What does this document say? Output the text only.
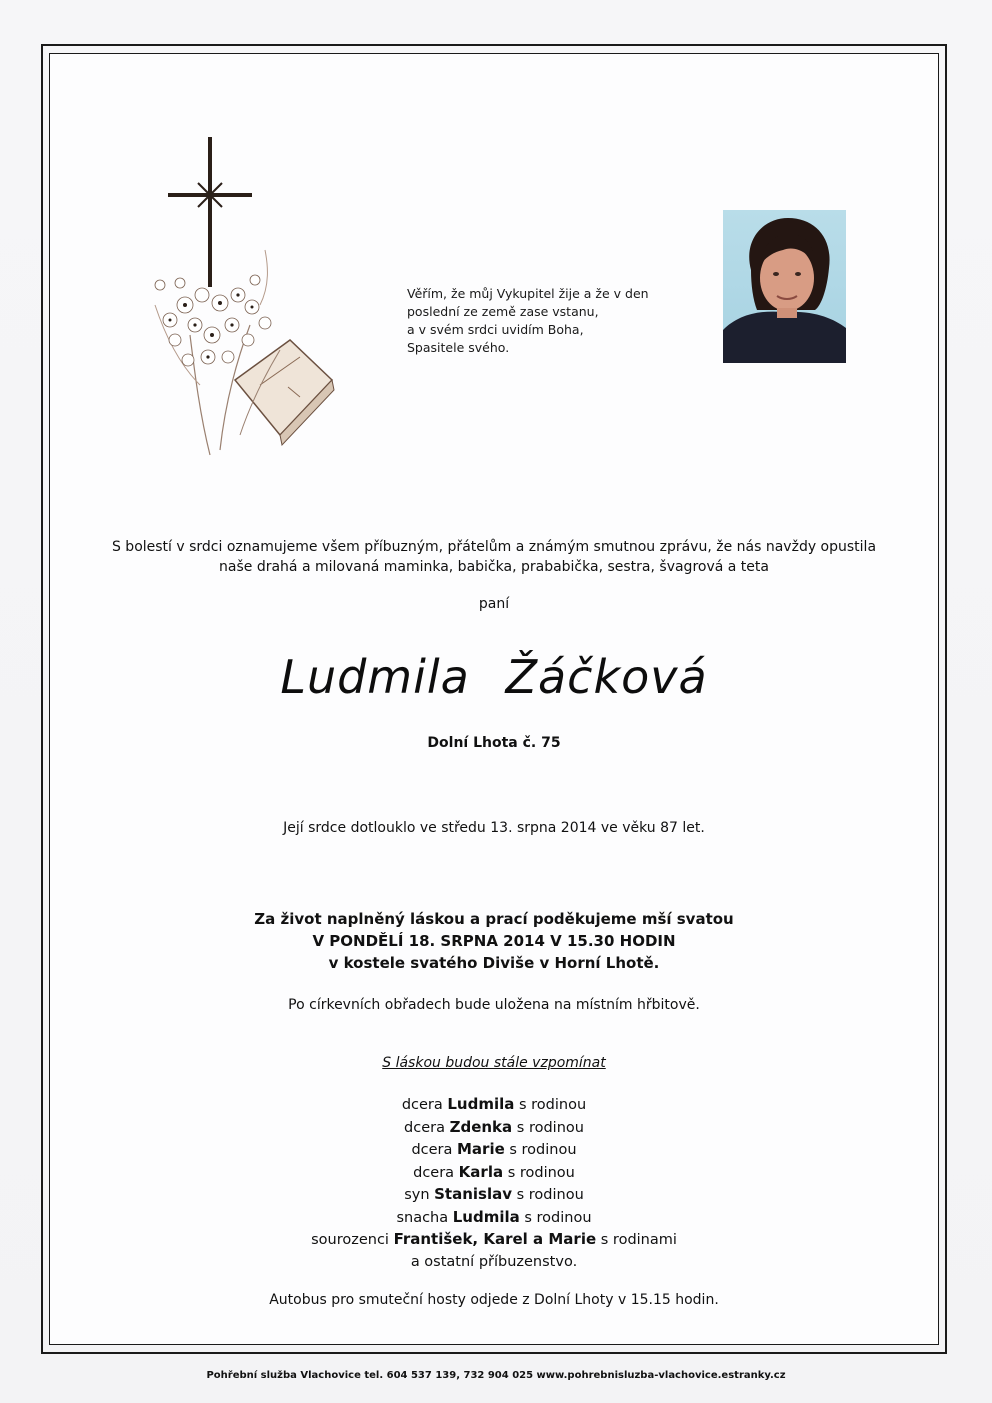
Věřím, že můj Vykupitel žije a že v den
poslední ze země zase vstanu,
a v svém srdci uvidím Boha,
Spasitele svého.
S bolestí v srdci oznamujeme všem příbuzným, přátelům a známým smutnou zprávu, že nás navždy opustila
naše drahá a milovaná maminka, babička, prababička, sestra, švagrová a teta
paní
Ludmila Žáčková
Dolní Lhota č. 75
Její srdce dotlouklo ve středu 13. srpna 2014 ve věku 87 let.
Za život naplněný láskou a prací poděkujeme mší svatou
V PONDĚLÍ 18. SRPNA 2014 V 15.30 HODIN
v kostele svatého Diviše v Horní Lhotě.
Po církevních obřadech bude uložena na místním hřbitově.
S láskou budou stále vzpomínat
dcera Ludmila s rodinou
dcera Zdenka s rodinou
dcera Marie s rodinou
dcera Karla s rodinou
syn Stanislav s rodinou
snacha Ludmila s rodinou
sourozenci František, Karel a Marie s rodinami
a ostatní příbuzenstvo.
Autobus pro smuteční hosty odjede z Dolní Lhoty v 15.15 hodin.
Pohřební služba Vlachovice tel. 604 537 139, 732 904 025 www.pohrebnisluzba-vlachovice.estranky.cz
